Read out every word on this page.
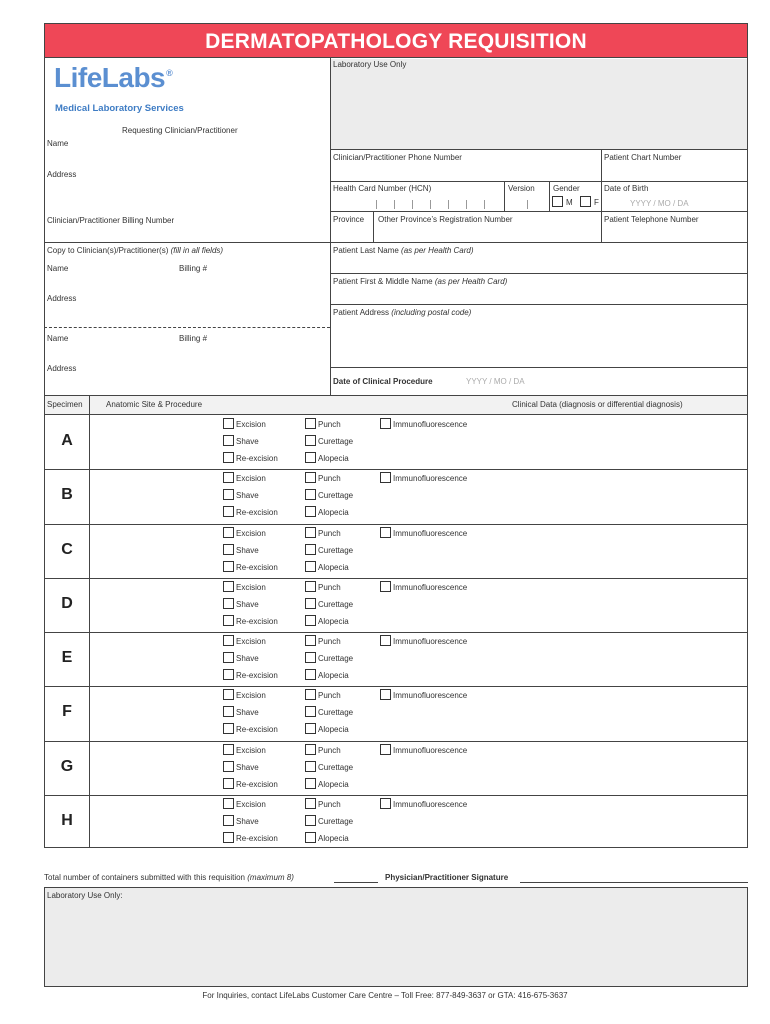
DERMATOPATHOLOGY REQUISITION
LifeLabs®
Medical Laboratory Services
Requesting Clinician/Practitioner
Name
Address
Clinician/Practitioner Billing Number
Laboratory Use Only
Clinician/Practitioner Phone Number	Patient Chart Number
Health Card Number (HCN)	Version Gender
M	F
Date of Birth
YYYY / MO / DA
Province Other Province’s Registration Number	Patient Telephone Number
Copy to Clinician(s)/Practitioner(s) (fill in all fields)
Name	Billing #
Address
Name	Billing #
Address
Patient Last Name (as per Health Card)
Patient First & Middle Name (as per Health Card)
Patient Address (including postal code)
Date of Clinical Procedure	YYYY / MO / DA
Specimen	Anatomic Site & Procedure	Clinical Data (diagnosis or differential diagnosis)
A
Excision
Shave
Re-excision
Punch
Curettage
Alopecia
Immunofluorescence
B
Excision
Shave
Re-excision
Punch
Curettage
Alopecia
Immunofluorescence
C
Excision
Shave
Re-excision
Punch
Curettage
Alopecia
Immunofluorescence
D
Excision
Shave
Re-excision
Punch
Curettage
Alopecia
Immunofluorescence
E
Excision
Shave
Re-excision
Punch
Curettage
Alopecia
Immunofluorescence
F
Excision
Shave
Re-excision
Punch
Curettage
Alopecia
Immunofluorescence
G
Excision
Shave
Re-excision
Punch
Curettage
Alopecia
Immunofluorescence
H
Excision
Shave
Re-excision
Punch
Curettage
Alopecia
Immunofluorescence
Total number of containers submitted with this requisition (maximum 8)	Physician/Practitioner Signature
Laboratory Use Only:
For Inquiries, contact LifeLabs Customer Care Centre – Toll Free: 877-849-3637 or GTA: 416-675-3637
